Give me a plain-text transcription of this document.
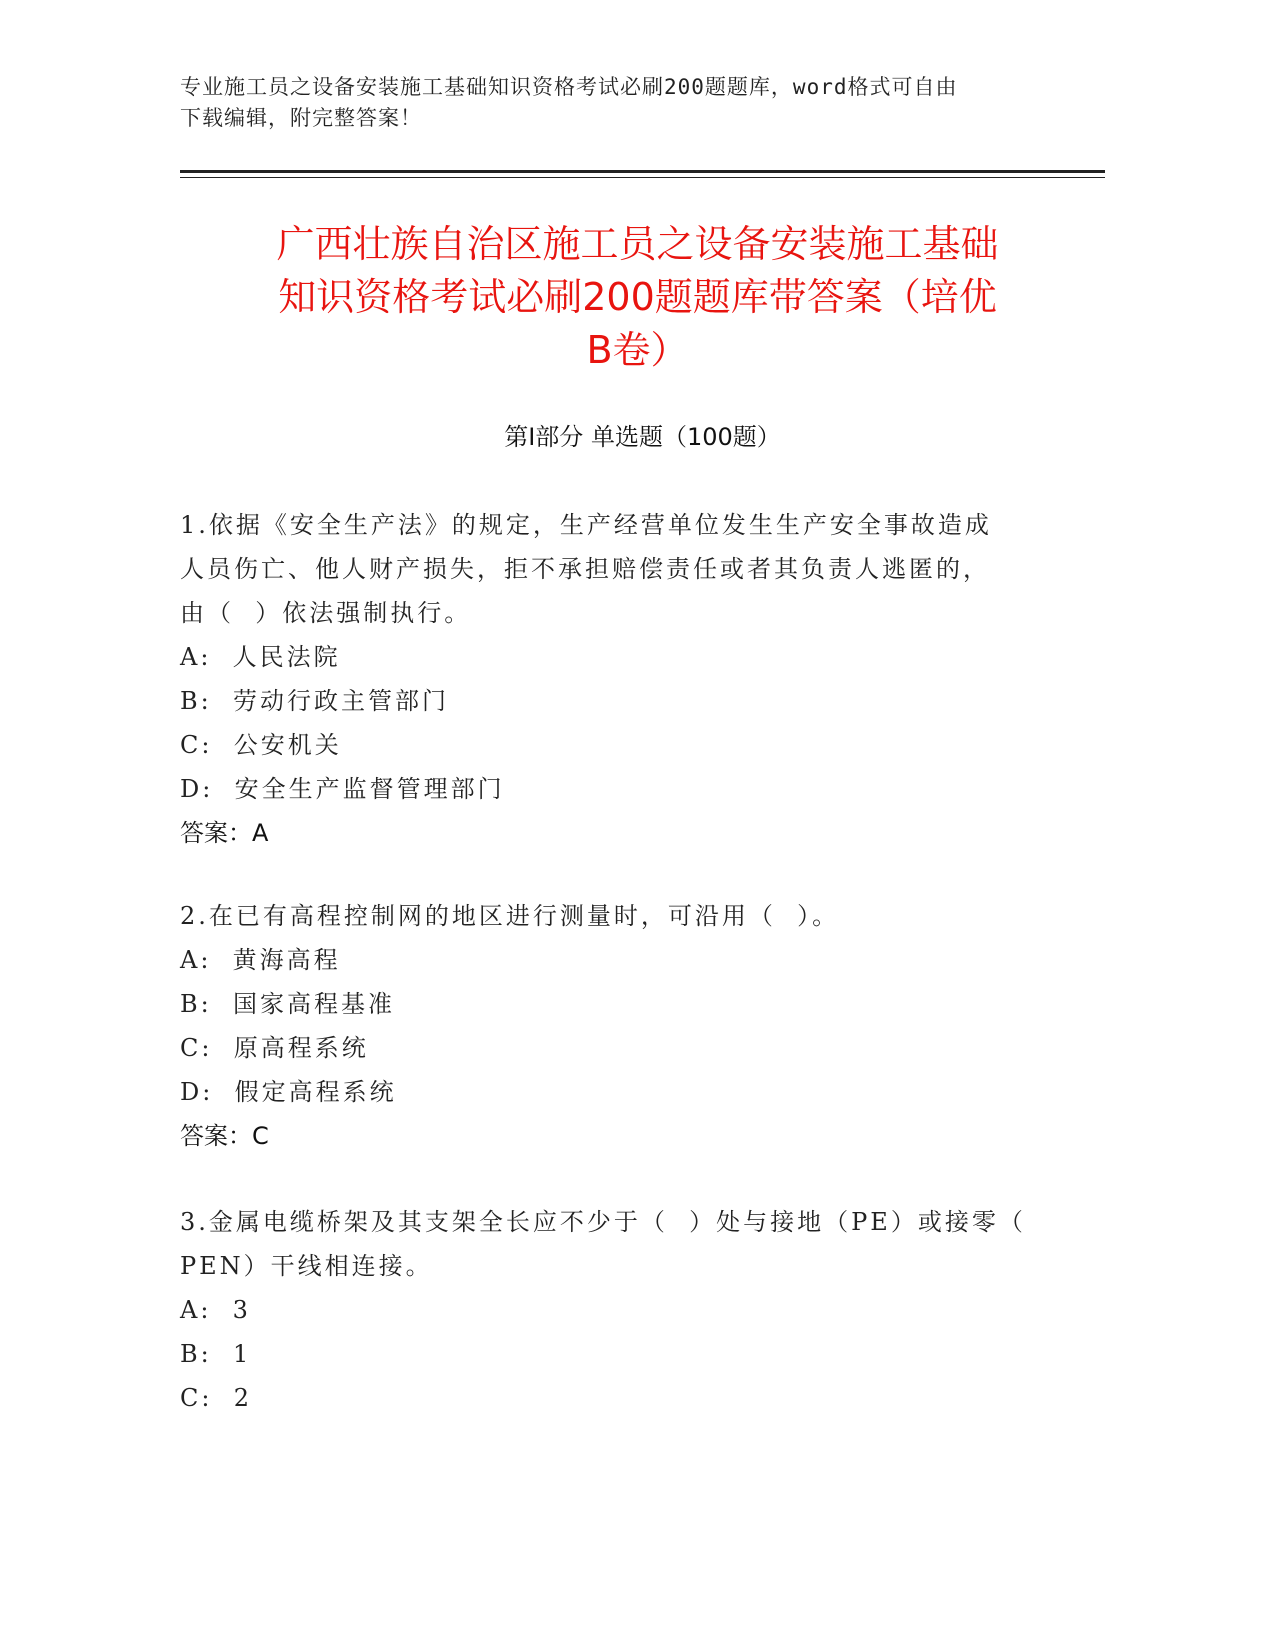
专业施工员之设备安装施工基础知识资格考试必刷200题题库，word格式可自由
下载编辑，附完整答案！
广西壮族自治区施工员之设备安装施工基础
知识资格考试必刷200题题库带答案（培优
B卷）
第Ⅰ部分 单选题（100题）
1.依据《安全生产法》的规定，生产经营单位发生生产安全事故造成
人员伤亡、他人财产损失，拒不承担赔偿责任或者其负责人逃匿的，
由（  ）依法强制执行。
A:  人民法院
B:  劳动行政主管部门
C:  公安机关
D:  安全生产监督管理部门
答案：A
2.在已有高程控制网的地区进行测量时，可沿用（  ）。
A:  黄海高程
B:  国家高程基准
C:  原高程系统
D:  假定高程系统
答案：C
3.金属电缆桥架及其支架全长应不少于（  ）处与接地（PE）或接零（
PEN）干线相连接。
A:  3
B:  1
C:  2
